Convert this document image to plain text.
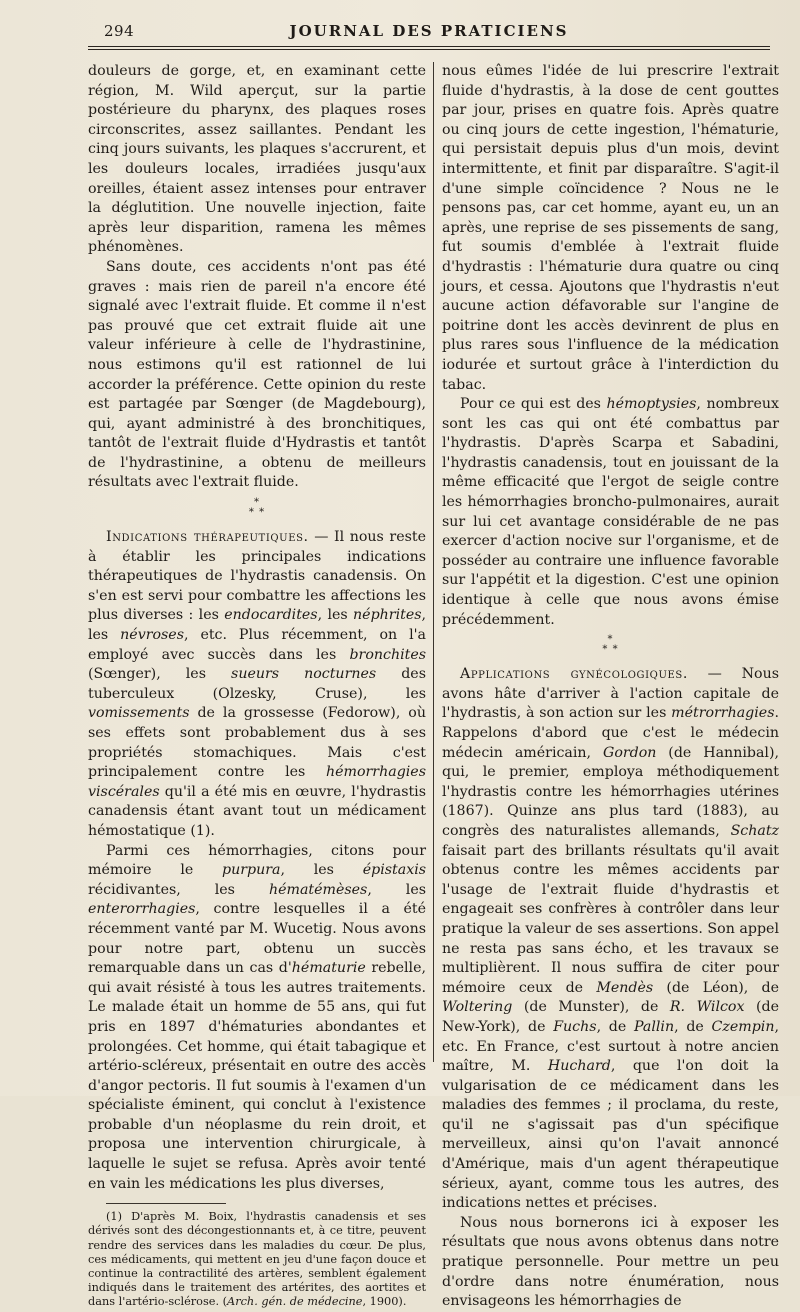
294	JOURNAL DES PRATICIENS

douleurs de gorge, et, en examinant cette région, M. Wild aperçut, sur la partie postérieure du pharynx, des plaques roses circonscrites, assez saillantes. Pendant les cinq jours suivants, les plaques s'accrurent, et les douleurs locales, irradiées jusqu'aux oreilles, étaient assez intenses pour entraver la déglutition. Une nouvelle injection, faite après leur disparition, ramena les mêmes phénomènes.

Sans doute, ces accidents n'ont pas été graves : mais rien de pareil n'a encore été signalé avec l'extrait fluide. Et comme il n'est pas prouvé que cet extrait fluide ait une valeur inférieure à celle de l'hydrastinine, nous estimons qu'il est rationnel de lui accorder la préférence. Cette opinion du reste est partagée par Sœnger (de Magdebourg), qui, ayant administré à des bronchitiques, tantôt de l'extrait fluide d'Hydrastis et tantôt de l'hydrastinine, a obtenu de meilleurs résultats avec l'extrait fluide.

*
* *

Indications thérapeutiques. — Il nous reste à établir les principales indications thérapeutiques de l'hydrastis canadensis. On s'en est servi pour combattre les affections les plus diverses : les endocardites, les néphrites, les névroses, etc. Plus récemment, on l'a employé avec succès dans les bronchites (Sœnger), les sueurs nocturnes des tuberculeux (Olzesky, Cruse), les vomissements de la grossesse (Fedorow), où ses effets sont probablement dus à ses propriétés stomachiques. Mais c'est principalement contre les hémorrhagies viscérales qu'il a été mis en œuvre, l'hydrastis canadensis étant avant tout un médicament hémostatique (1).

Parmi ces hémorrhagies, citons pour mémoire le purpura, les épistaxis récidivantes, les hématémèses, les enterorrhagies, contre lesquelles il a été récemment vanté par M. Wucetig. Nous avons pour notre part, obtenu un succès remarquable dans un cas d'hématurie rebelle, qui avait résisté à tous les autres traitements. Le malade était un homme de 55 ans, qui fut pris en 1897 d'hématuries abondantes et prolongées. Cet homme, qui était tabagique et artério-scléreux, présentait en outre des accès d'angor pectoris. Il fut soumis à l'examen d'un spécialiste éminent, qui conclut à l'existence probable d'un néoplasme du rein droit, et proposa une intervention chirurgicale, à laquelle le sujet se refusa. Après avoir tenté en vain les médications les plus diverses,

(1) D'après M. Boix, l'hydrastis canadensis et ses dérivés sont des décongestionnants et, à ce titre, peuvent rendre des services dans les maladies du cœur. De plus, ces médicaments, qui mettent en jeu d'une façon douce et continue la contractilité des artères, semblent également indiqués dans le traitement des artérites, des aortites et dans l'artério-sclérose. (Arch. gén. de médecine, 1900).

nous eûmes l'idée de lui prescrire l'extrait fluide d'hydrastis, à la dose de cent gouttes par jour, prises en quatre fois. Après quatre ou cinq jours de cette ingestion, l'hématurie, qui persistait depuis plus d'un mois, devint intermittente, et finit par disparaître. S'agit-il d'une simple coïncidence ? Nous ne le pensons pas, car cet homme, ayant eu, un an après, une reprise de ses pissements de sang, fut soumis d'emblée à l'extrait fluide d'hydrastis : l'hématurie dura quatre ou cinq jours, et cessa. Ajoutons que l'hydrastis n'eut aucune action défavorable sur l'angine de poitrine dont les accès devinrent de plus en plus rares sous l'influence de la médication iodurée et surtout grâce à l'interdiction du tabac.

Pour ce qui est des hémoptysies, nombreux sont les cas qui ont été combattus par l'hydrastis. D'après Scarpa et Sabadini, l'hydrastis canadensis, tout en jouissant de la même efficacité que l'ergot de seigle contre les hémorrhagies broncho-pulmonaires, aurait sur lui cet avantage considérable de ne pas exercer d'action nocive sur l'organisme, et de posséder au contraire une influence favorable sur l'appétit et la digestion. C'est une opinion identique à celle que nous avons émise précédemment.

*
* *

Applications gynécologiques. — Nous avons hâte d'arriver à l'action capitale de l'hydrastis, à son action sur les métrorrhagies. Rappelons d'abord que c'est le médecin médecin américain, Gordon (de Hannibal), qui, le premier, employa méthodiquement l'hydrastis contre les hémorrhagies utérines (1867). Quinze ans plus tard (1883), au congrès des naturalistes allemands, Schatz faisait part des brillants résultats qu'il avait obtenus contre les mêmes accidents par l'usage de l'extrait fluide d'hydrastis et engageait ses confrères à contrôler dans leur pratique la valeur de ses assertions. Son appel ne resta pas sans écho, et les travaux se multiplièrent. Il nous suffira de citer pour mémoire ceux de Mendès (de Léon), de Woltering (de Munster), de R. Wilcox (de New-York), de Fuchs, de Pallin, de Czempin, etc. En France, c'est surtout à notre ancien maître, M. Huchard, que l'on doit la vulgarisation de ce médicament dans les maladies des femmes ; il proclama, du reste, qu'il ne s'agissait pas d'un spécifique merveilleux, ainsi qu'on l'avait annoncé d'Amérique, mais d'un agent thérapeutique sérieux, ayant, comme tous les autres, des indications nettes et précises.

Nous nous bornerons ici à exposer les résultats que nous avons obtenus dans notre pratique personnelle. Pour mettre un peu d'ordre dans notre énumération, nous envisageons les hémorrhagies de
